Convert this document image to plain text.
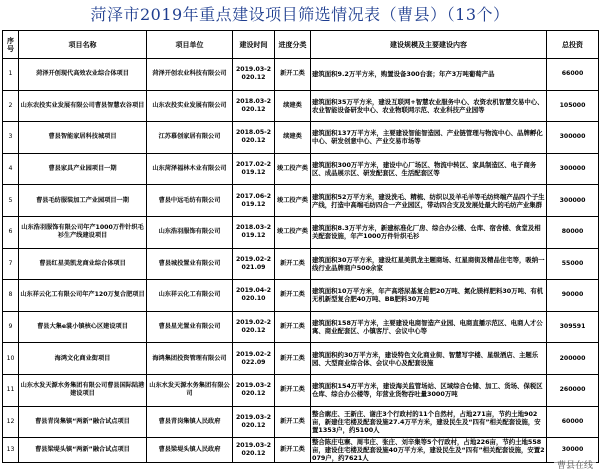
菏泽市2019年重点建设项目筛选情况表（曹县）（13个）
序号	项目名称	项目单位	建设时间	进度分类	建设规模及主要建设内容	总投资
1	菏泽开创现代高效农业综合体项目	菏泽开创农业科技有限公司	2019.03-2020.12	新开工类	建筑面积9.2万平方米，购置设备300台套；年产3万吨葡萄产品	66000
2	山东农投实业发展有限公司曹县智慧农谷项目	山东农投实业发展有限公司	2018.03-2020.12	续建类	建筑面积35万平方米，建设互联网+智慧农业服务中心、农资农机智慧交易中心、农业智能设备研发中心、农业物联网示范、农业科技产业园等	105000
3	曹县智能家居科技城项目	江苏慕创家居有限公司	2018.05-2020.12	续建类	建筑面积137万平方米，主要建设智能智造园、产业链管理与物流中心、品牌孵化中心、研发创意中心、产业交易市场等	300000
4	曹县家具产业园项目一期	山东菏泽福林木业有限公司	2017.02-2019.12	竣工投产类	建筑面积300万平方米，建设中心厂场区、物流中转区、家具制造区、电子商务区、成品展示区、研发配套区、生活配套区等	300000
5	曹县毛纺服装加工产业园项目一期	曹县中远毛纺有限公司	2017.06-2019.12	竣工投产类	建筑面积52万平方米，建设洗毛、精梳、纺织以及羊毛羊等毛纺终端产品四个子生产线，打造中高端毛纺四合一产业园区，带动四合支及发展处最大的毛纺产业集群	300000
6	山东浩羽服饰有限公司年产1000万件针织毛衫生产线建设项目	山东浩羽服饰有限公司	2018.03-2019.12	竣工投产类	建筑面积8.3万平方米，新建标准化厂房、综合办公楼、仓库、宿舍楼、食堂及相关配套设施，年产1000万件针织毛衫	80000
7	曹县红星美凯龙商业综合体项目	曹县城投置业有限公司	2019.02-2021.09	新开工类	建筑面积30万平方米，建设红星美凯龙主题商场、红星商街及精品住宅等，吸纳一线行业品牌商户500余家	55000
8	山东祥云化工有限公司年产120万复合肥项目	山东祥云化工有限公司	2019.04-2020.10	新开工类	建筑面积10万平方米，年产高塔尿基复合肥20万吨、氮化镁样肥料30万吨、有机无机新型复合肥40万吨、BB肥料30万吨	90000
9	曹县大集e裳小镇核心区建设项目	曹县星光置业有限公司	2019.02-2020.12	新开工类	建筑面积158万平方米，主要建设电商智造产业园、电商直播示范区、电商人才公寓、商业配套区、小镇客厅、会议中心等	309591
10	海鸿文化商业街项目	海鸿集团投资管理有限公司	2019.02-2022.09	新开工类	建筑面积约30万平方米，建设特色文化商业街、智慧写字楼、星级酒店、主题乐园、大型商业综合体、会议中心及配套设施	200000
11	山东水发天源水务集团有限公司曹县国际陆港建设项目	山东水发天源水务集团有限公司	2019.03-2020.12	新开工类	建筑面积154万平方米，建设海关监管场站、区域综合仓储、加工、货场、保税区仓库、综合办公楼等，年营业货物吞吐量3000万吨	260000
12	曹县青岗集镇“两新”融合试点项目	曹县青岗集镇人民政府	2019.03-2020.12	新开工类	整合廓庄、王新庄、谢庄3个行政村的11个自然村，占地271亩，节约土地902亩，新建住宅楼及配套设施27.4万平方米，建设民生及“四有”相关配套设施，安置1353户，约5100人	60000
13	曹县梁堤头镇“两新”融合试点项目	曹县梁堤头镇人民政府	2019.03-2020.12	新开工类	整合陈庄屯寨、周韦庄、张庄、刘辛集等5个行政村，占地226亩，节约土地558亩，建设住宅楼及配套设施40万平方米，建设民生及“四有”相关配套设施，安置2079户，约7621人	30000
曹县在线
